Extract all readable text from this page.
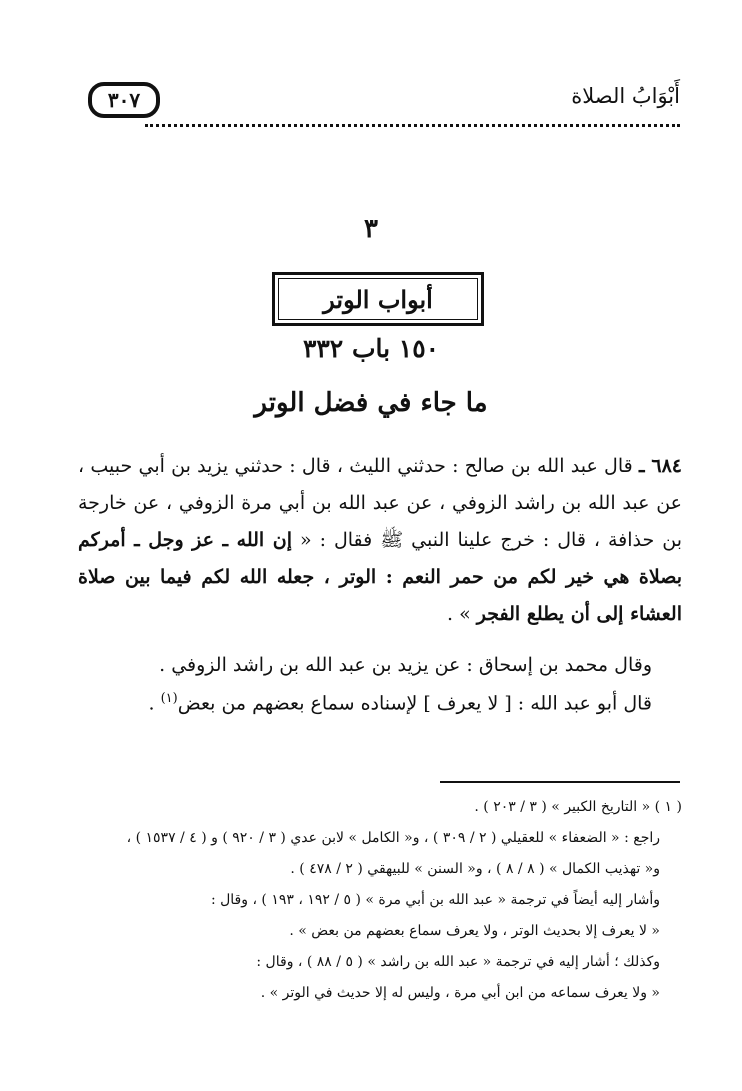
٣٠٧	أَبْوَابُ الصلاة
٣
أبواب الوتر
١٥٠ باب ٣٣٢
ما جاء في فضل الوتر
٦٨٤ ـ قال عبد الله بن صالح : حدثني الليث ، قال : حدثني يزيد بن أبي حبيب ، عن عبد الله بن راشد الزوفي ، عن عبد الله بن أبي مرة الزوفي ، عن خارجة بن حذافة ، قال : خرج علينا النبي ﷺ فقال : « إن الله ـ عز وجل ـ أمركم بصلاة هي خير لكم من حمر النعم : الوتر ، جعله الله لكم فيما بين صلاة العشاء إلى أن يطلع الفجر » .
وقال محمد بن إسحاق : عن يزيد بن عبد الله بن راشد الزوفي .
قال أبو عبد الله : [ لا يعرف ] لإسناده سماع بعضهم من بعض$^{(١)}$ .
( ١ ) « التاريخ الكبير » ( ٣ / ٢٠٣ ) .
راجع : « الضعفاء » للعقيلي ( ٢ / ٣٠٩ ) ، و« الكامل » لابن عدي ( ٣ / ٩٢٠ ) و ( ٤ / ١٥٣٧ ) ،
و« تهذيب الكمال » ( ٨ / ٨ ) ، و« السنن » للبيهقي ( ٢ / ٤٧٨ ) .
وأشار إليه أيضاً في ترجمة « عبد الله بن أبي مرة » ( ٥ / ١٩٢ ، ١٩٣ ) ، وقال :
« لا يعرف إلا بحديث الوتر ، ولا يعرف سماع بعضهم من بعض » .
وكذلك ؛ أشار إليه في ترجمة « عبد الله بن راشد » ( ٥ / ٨٨ ) ، وقال :
« ولا يعرف سماعه من ابن أبي مرة ، وليس له إلا حديث في الوتر » .
